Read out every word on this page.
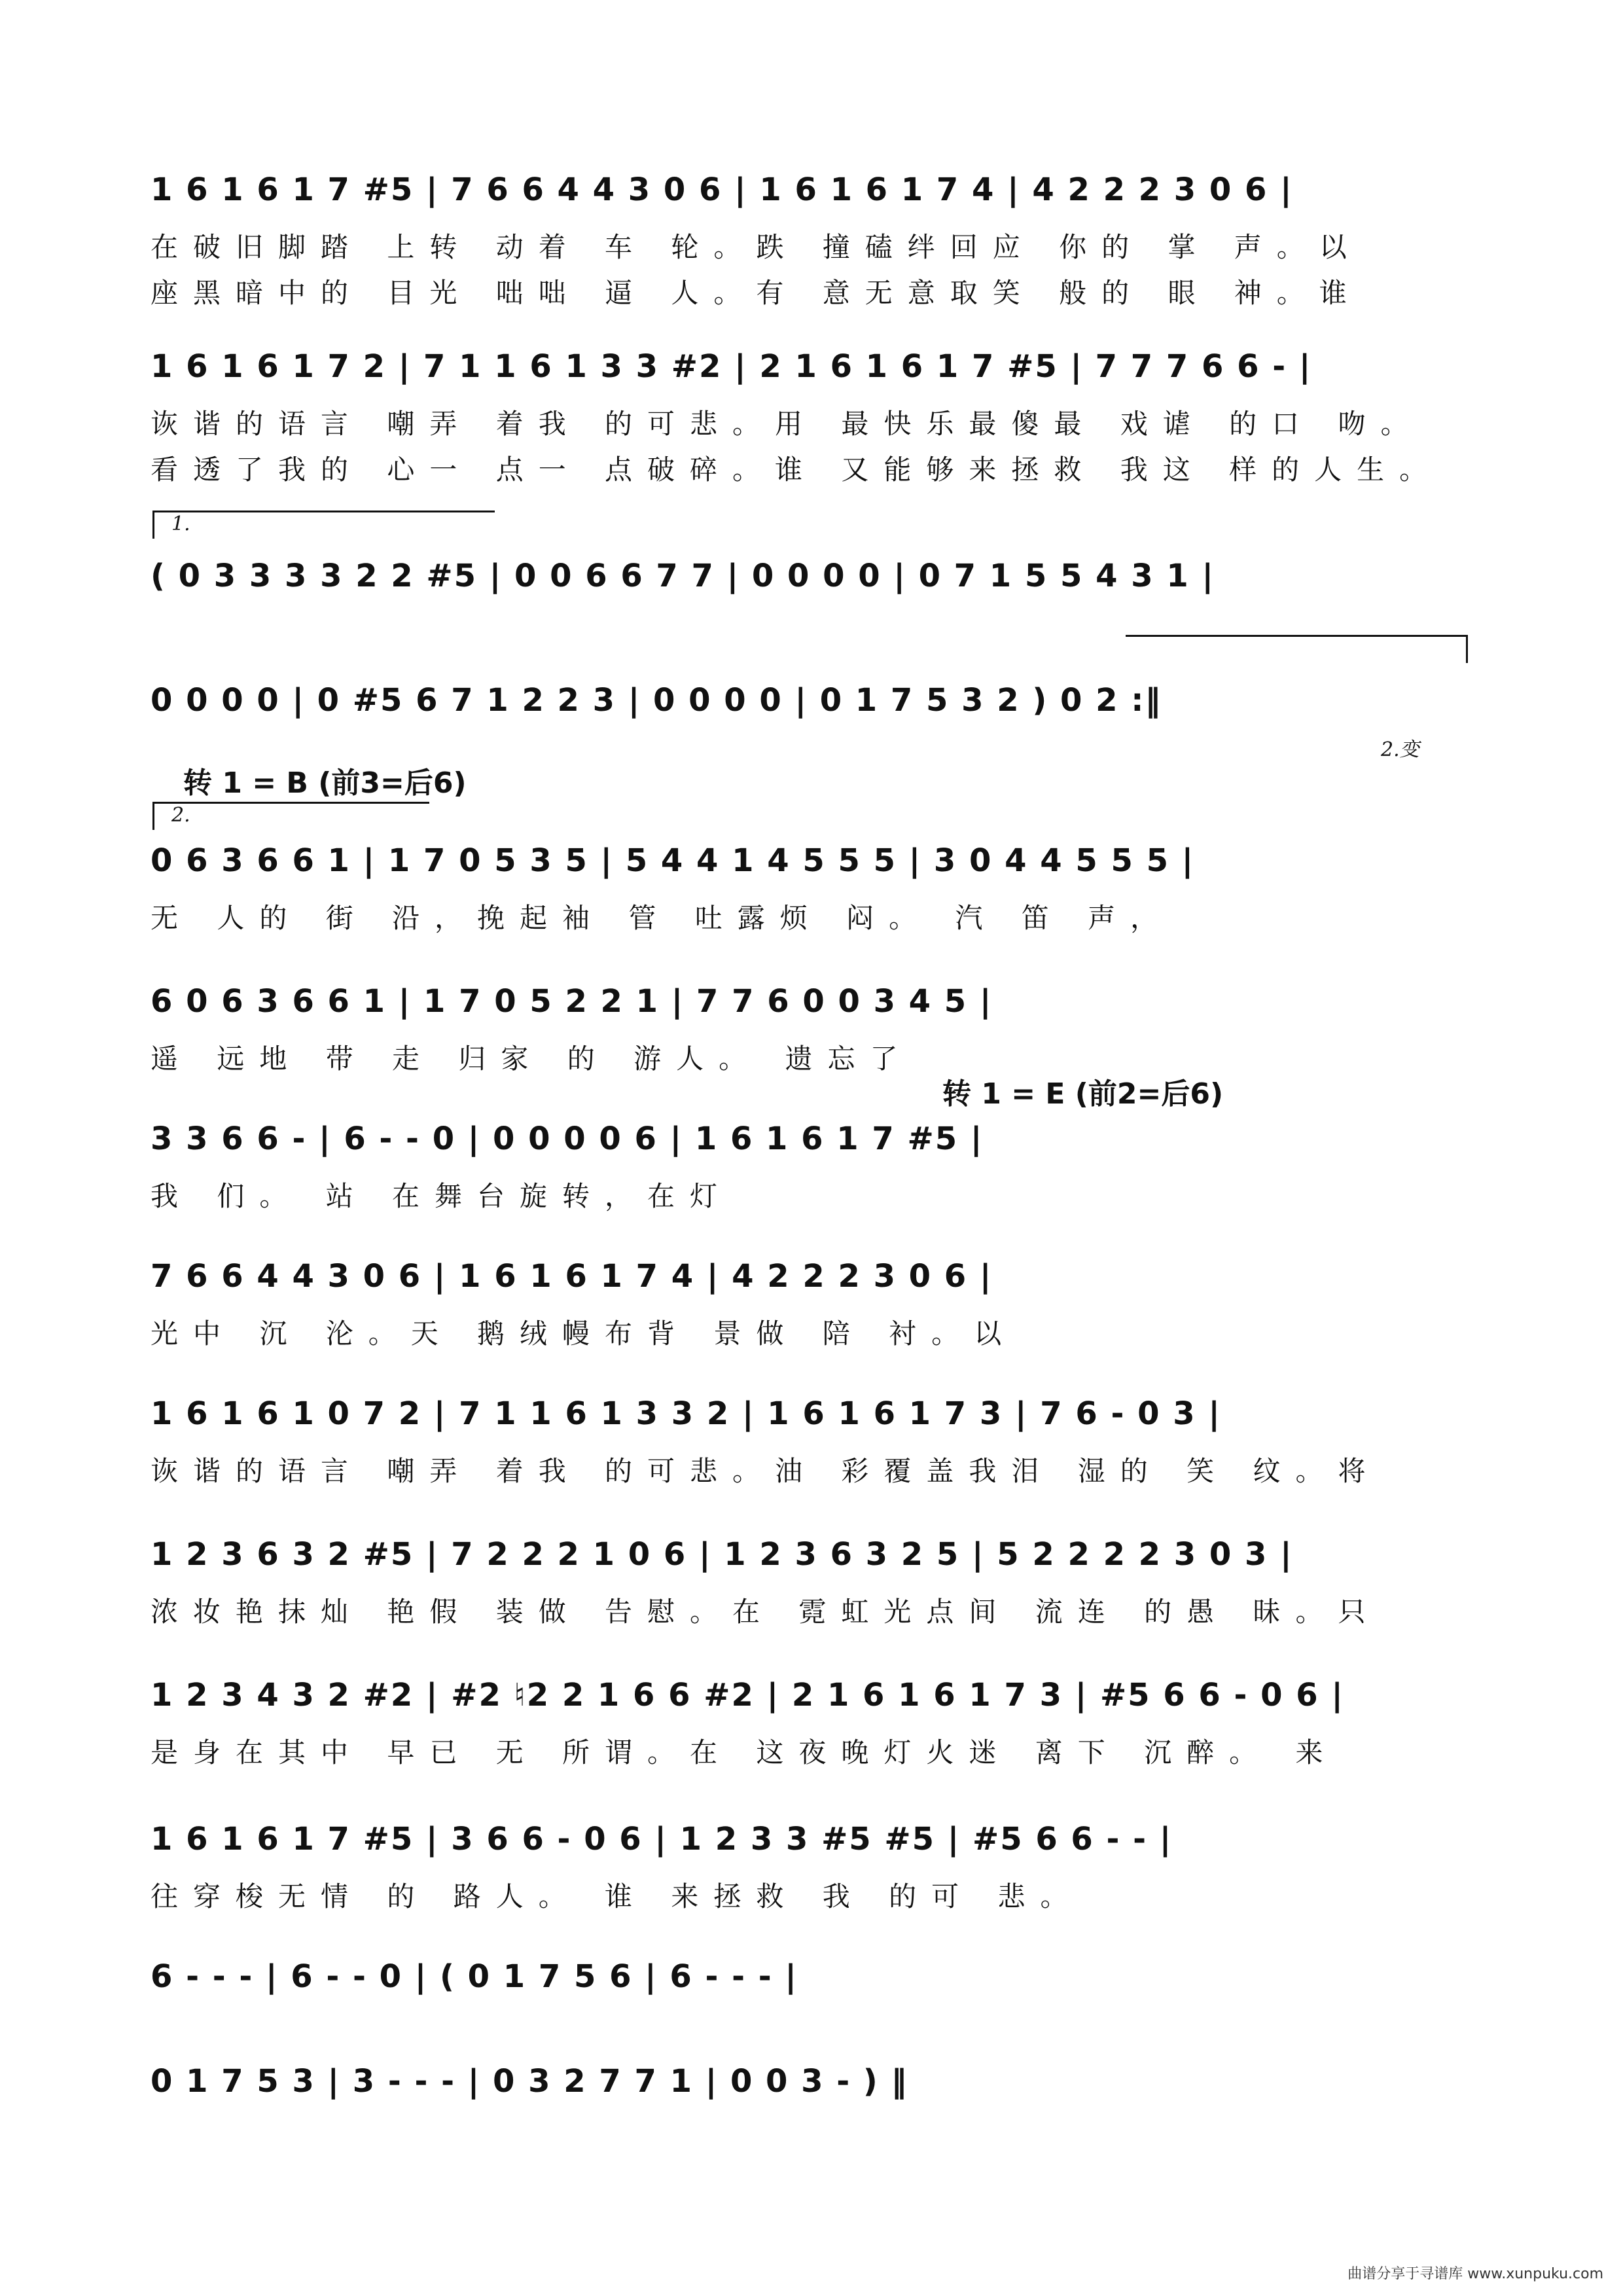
1 6 1 6 1 7 #5 | 7 6 6 4 4 3 0 6 | 1 6 1 6 1 7 4 | 4 2 2 2 3 0 6 |
在破旧脚踏 上转 动着 车 轮。跌 撞磕绊回应 你的 掌 声。以
座黑暗中的 目光 咄咄 逼 人。有 意无意取笑 般的 眼 神。谁
1 6 1 6 1 7 2 | 7 1 1 6 1 3 3 #2 | 2 1 6 1 6 1 7 #5 | 7 7 7 6 6 - |
诙谐的语言 嘲弄 着我 的可悲。用 最快乐最傻最 戏谑 的口 吻。
看透了我的 心一 点一 点破碎。谁 又能够来拯救 我这 样的人生。
1.
( 0 3 3 3 3 2 2 #5 | 0 0 6 6 7 7 | 0 0 0 0 | 0 7 1 5 5 4 3 1 |
0 0 0 0 | 0 #5 6 7 1 2 2 3 | 0 0 0 0 | 0 1 7 5 3 2 ) 0 2 :‖
2.变
转 1 = B (前3=后6)
2.
0 6 3 6 6 1 | 1 7 0 5 3 5 | 5 4 4 1 4 5 5 5 | 3 0 4 4 5 5 5 |
无 人的 街 沿，挽起袖 管 吐露烦 闷。 汽 笛 声，
6 0 6 3 6 6 1 | 1 7 0 5 2 2 1 | 7 7 6 0 0 3 4 5 |
遥 远地 带 走 归家 的 游人。 遗忘了
转 1 = E (前2=后6)
3 3 6 6 - | 6 - - 0 | 0 0 0 0 6 | 1 6 1 6 1 7 #5 |
我 们。 站 在舞台旋转，在灯
7 6 6 4 4 3 0 6 | 1 6 1 6 1 7 4 | 4 2 2 2 3 0 6 |
光中 沉 沦。天 鹅绒幔布背 景做 陪 衬。以
1 6 1 6 1 0 7 2 | 7 1 1 6 1 3 3 2 | 1 6 1 6 1 7 3 | 7 6 - 0 3 |
诙谐的语言 嘲弄 着我 的可悲。油 彩覆盖我泪 湿的 笑 纹。将
1 2 3 6 3 2 #5 | 7 2 2 2 1 0 6 | 1 2 3 6 3 2 5 | 5 2 2 2 2 3 0 3 |
浓妆艳抹灿 艳假 装做 告慰。在 霓虹光点间 流连 的愚 昧。只
1 2 3 4 3 2 #2 | #2 ♮2 2 1 6 6 #2 | 2 1 6 1 6 1 7 3 | #5 6 6 - 0 6 |
是身在其中 早已 无 所谓。在 这夜晚灯火迷 离下 沉醉。 来
1 6 1 6 1 7 #5 | 3 6 6 - 0 6 | 1 2 3 3 #5 #5 | #5 6 6 - - |
往穿梭无情 的 路人。 谁 来拯救 我 的可 悲。
6 - - - | 6 - - 0 | ( 0 1 7 5 6 | 6 - - - |
0 1 7 5 3 | 3 - - - | 0 3 2 7 7 1 | 0 0 3 - ) ‖
曲谱分享于寻谱库 www.xunpuku.com
